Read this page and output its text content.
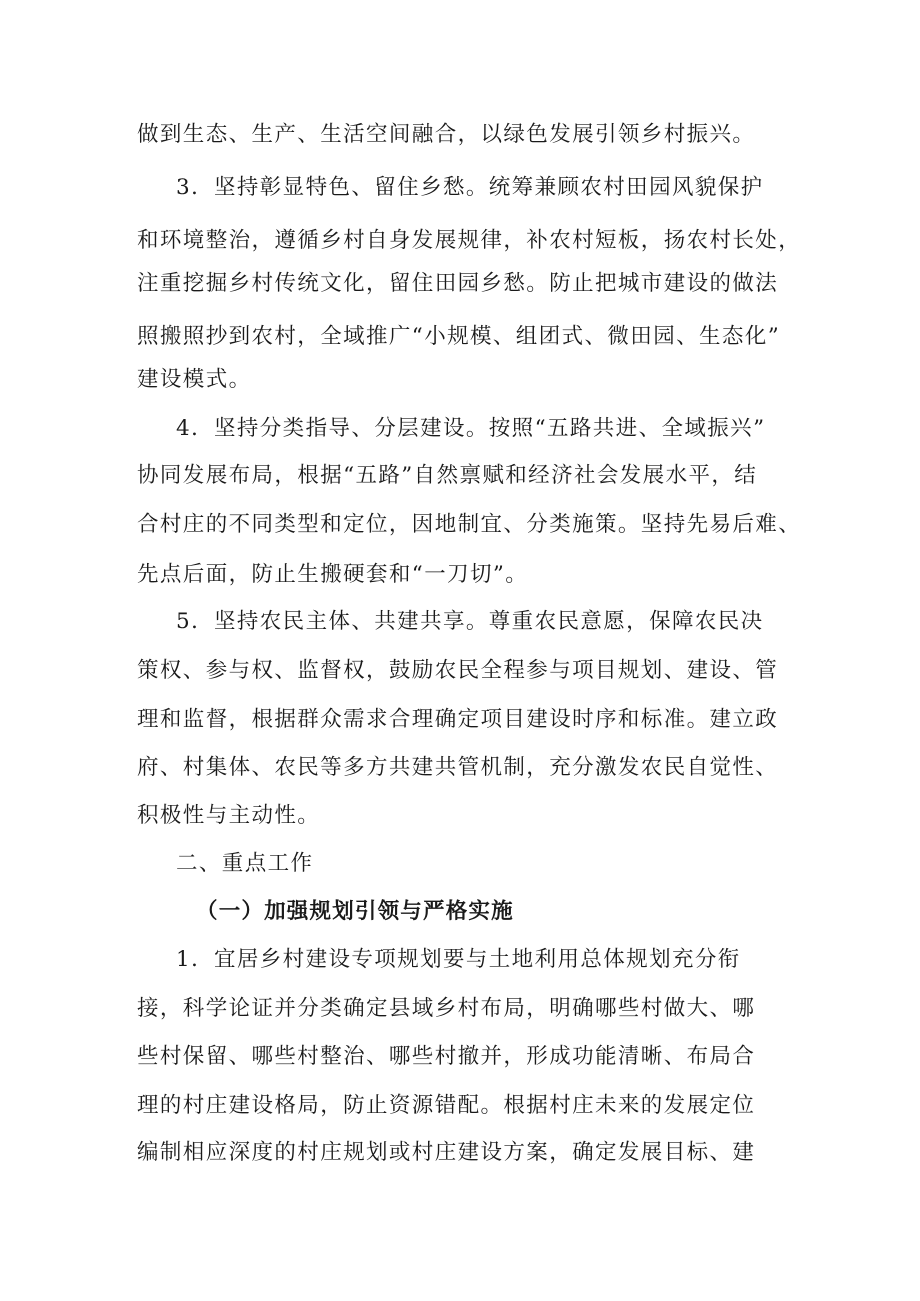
做到生态、生产、生活空间融合，以绿色发展引领乡村振兴。
3．坚持彰显特色、留住乡愁。统筹兼顾农村田园风貌保护
和环境整治，遵循乡村自身发展规律，补农村短板，扬农村长处，
注重挖掘乡村传统文化，留住田园乡愁。防止把城市建设的做法
照搬照抄到农村，全域推广“小规模、组团式、微田园、生态化”
建设模式。
4．坚持分类指导、分层建设。按照“五路共进、全域振兴”
协同发展布局，根据“五路”自然禀赋和经济社会发展水平，结
合村庄的不同类型和定位，因地制宜、分类施策。坚持先易后难、
先点后面，防止生搬硬套和“一刀切”。
5．坚持农民主体、共建共享。尊重农民意愿，保障农民决
策权、参与权、监督权，鼓励农民全程参与项目规划、建设、管
理和监督，根据群众需求合理确定项目建设时序和标准。建立政
府、村集体、农民等多方共建共管机制，充分激发农民自觉性、
积极性与主动性。
二、重点工作
（一）加强规划引领与严格实施
1．宜居乡村建设专项规划要与土地利用总体规划充分衔
接，科学论证并分类确定县域乡村布局，明确哪些村做大、哪
些村保留、哪些村整治、哪些村撤并，形成功能清晰、布局合
理的村庄建设格局，防止资源错配。根据村庄未来的发展定位
编制相应深度的村庄规划或村庄建设方案，确定发展目标、建
